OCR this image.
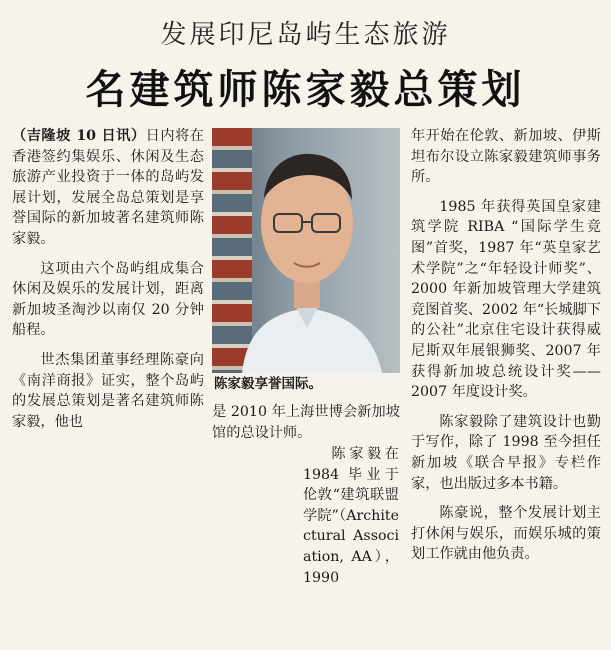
发展印尼岛屿生态旅游
名建筑师陈家毅总策划

（吉隆坡 10 日讯）日内将在香港签约集娱乐、休闲及生态旅游产业投资于一体的岛屿发展计划，发展全岛总策划是享誉国际的新加坡著名建筑师陈家毅。

这项由六个岛屿组成集合休闲及娱乐的发展计划，距离新加坡圣淘沙以南仅 20 分钟船程。

世杰集团董事经理陈豪向《南洋商报》证实，整个岛屿的发展总策划是著名建筑师陈家毅，他也

陈家毅享誉国际。
是 2010 年上海世博会新加坡馆的总设计师。

陈家毅在 1984 毕业于伦敦“建筑联盟学院”（Architectural Association, AA），1990

年开始在伦敦、新加坡、伊斯坦布尔设立陈家毅建筑师事务所。

1985 年获得英国皇家建筑学院 RIBA “国际学生竞图”首奖，1987 年“英皇家艺术学院”之“年轻设计师奖”、2000 年新加坡管理大学建筑竞图首奖、2002 年“长城脚下的公社”北京住宅设计获得威尼斯双年展银狮奖、2007 年获得新加坡总统设计奖——2007 年度设计奖。

陈家毅除了建筑设计也勤于写作，除了 1998 至今担任新加坡《联合早报》专栏作家，也出版过多本书籍。

陈豪说，整个发展计划主打休闲与娱乐，而娱乐城的策划工作就由他负责。
